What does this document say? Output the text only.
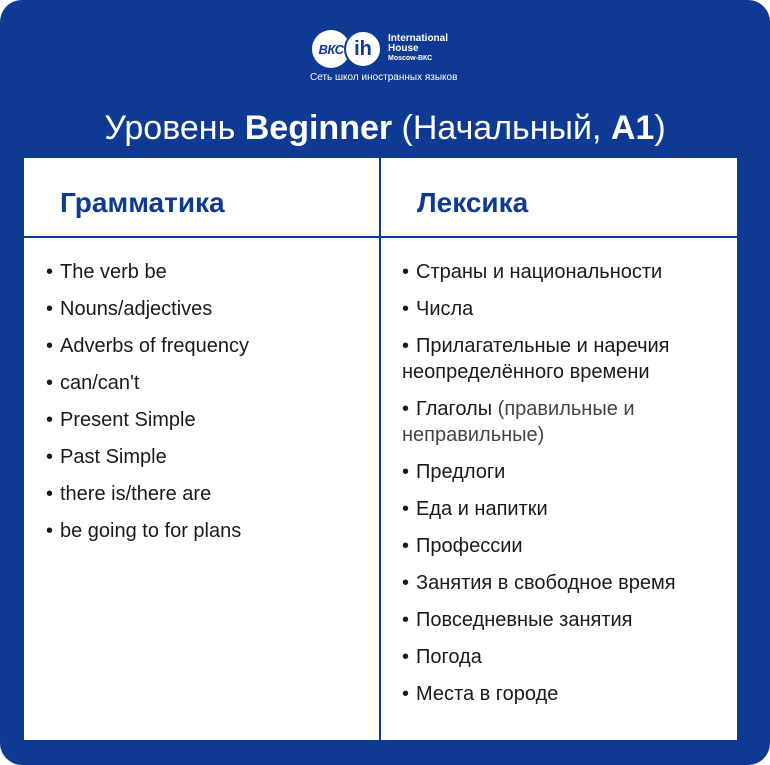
ВКС ih International
House
Moscow-ВКС
Сеть школ иностранных языков
Уровень Beginner (Начальный, A1)
Грамматика	Лексика
• The verb be
• Nouns/adjectives
• Adverbs of frequency
• can/can't
• Present Simple
• Past Simple
• there is/there are
• be going to for plans
• Страны и национальности
• Числа
• Прилагательные и наречия неопределённого времени
• Глаголы (правильные и неправильные)
• Предлоги
• Еда и напитки
• Профессии
• Занятия в свободное время
• Повседневные занятия
• Погода
• Места в городе
